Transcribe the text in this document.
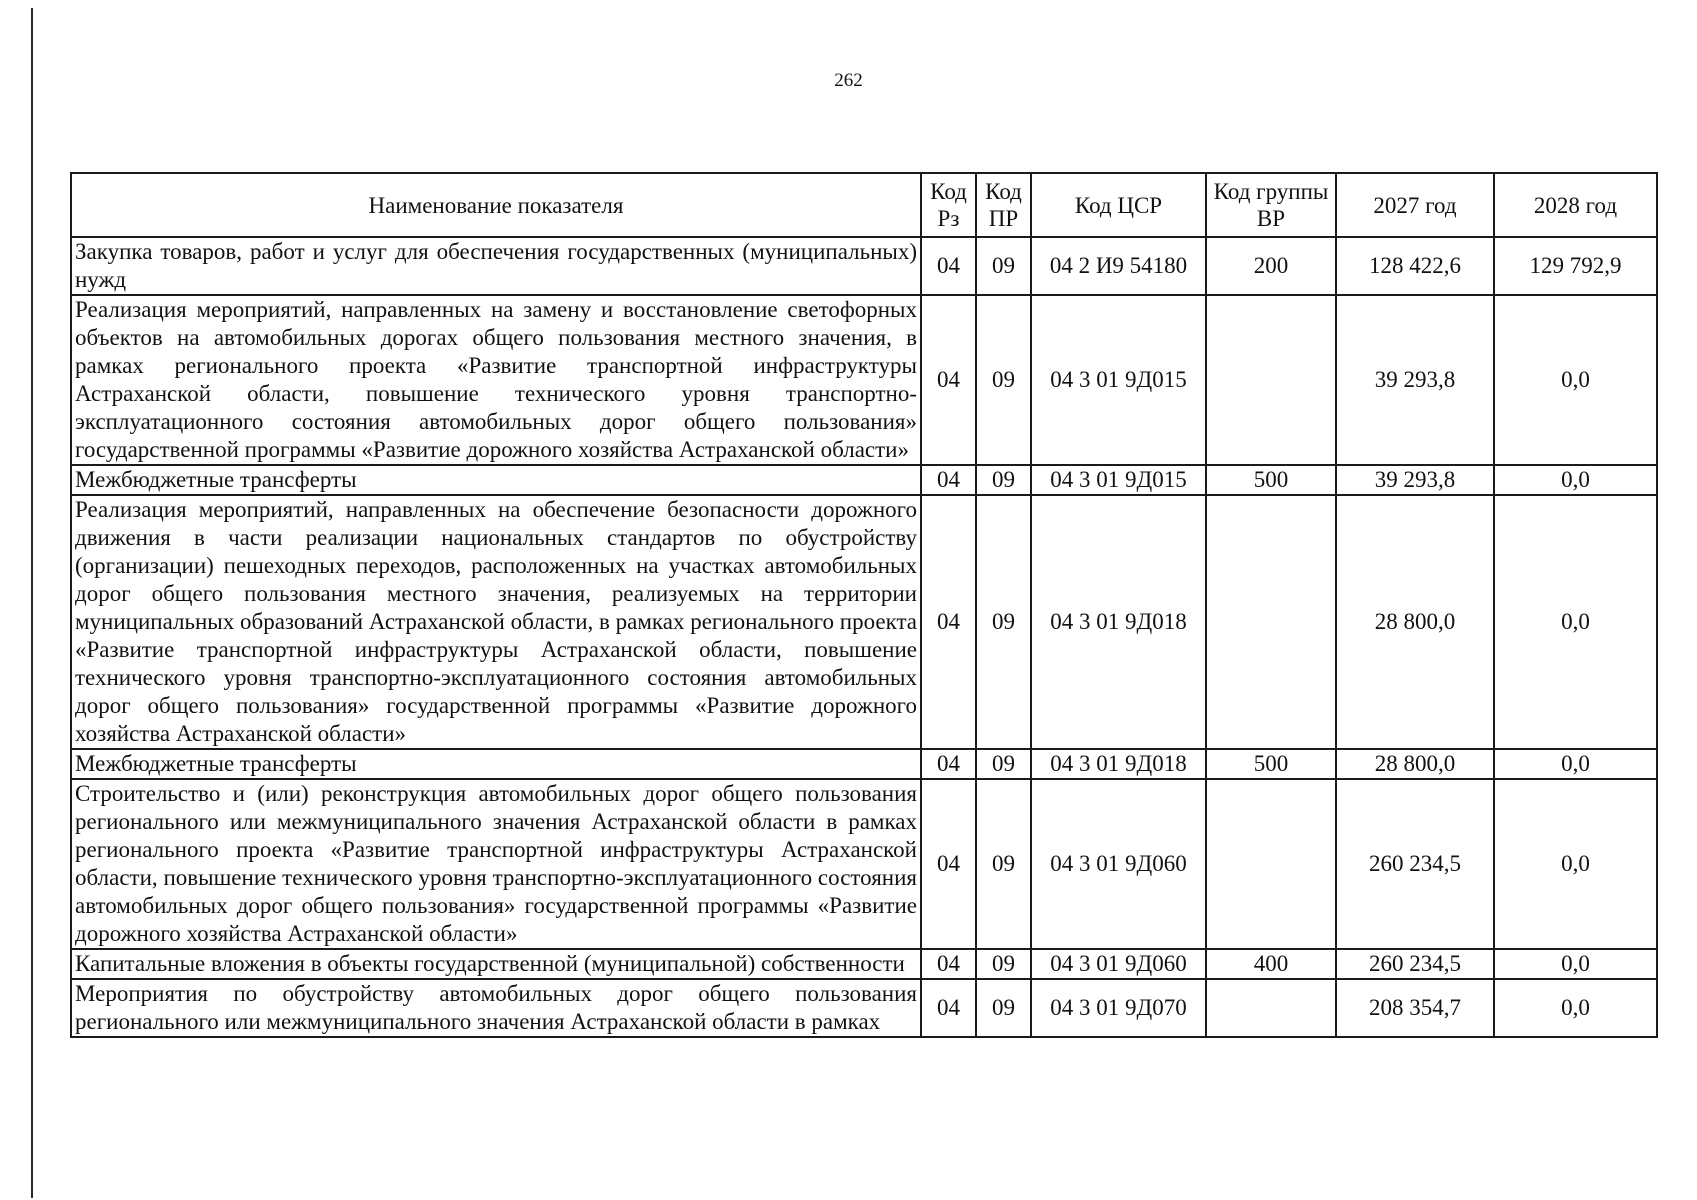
262
Наименование показателя	Код Рз	Код ПР	Код ЦСР	Код группы ВР	2027 год	2028 год
Закупка товаров, работ и услуг для обеспечения государственных (муниципальных) нужд	04	09	04 2 И9 54180	200	128 422,6	129 792,9
Реализация мероприятий, направленных на замену и восстановление светофорных объектов на автомобильных дорогах общего пользования местного значения, в рамках регионального проекта «Развитие транспортной инфраструктуры Астраханской области, повышение технического уровня транспортно-эксплуатационного состояния автомобильных дорог общего пользования» государственной программы «Развитие дорожного хозяйства Астраханской области»	04	09	04 3 01 9Д015		39 293,8	0,0
Межбюджетные трансферты	04	09	04 3 01 9Д015	500	39 293,8	0,0
Реализация мероприятий, направленных на обеспечение безопасности дорожного движения в части реализации национальных стандартов по обустройству (организации) пешеходных переходов, расположенных на участках автомобильных дорог общего пользования местного значения, реализуемых на территории муниципальных образований Астраханской области, в рамках регионального проекта «Развитие транспортной инфраструктуры Астраханской области, повышение технического уровня транспортно-эксплуатационного состояния автомобильных дорог общего пользования» государственной программы «Развитие дорожного хозяйства Астраханской области»	04	09	04 3 01 9Д018		28 800,0	0,0
Межбюджетные трансферты	04	09	04 3 01 9Д018	500	28 800,0	0,0
Строительство и (или) реконструкция автомобильных дорог общего пользования регионального или межмуниципального значения Астраханской области в рамках регионального проекта «Развитие транспортной инфраструктуры Астраханской области, повышение технического уровня транспортно-эксплуатационного состояния автомобильных дорог общего пользования» государственной программы «Развитие дорожного хозяйства Астраханской области»	04	09	04 3 01 9Д060		260 234,5	0,0
Капитальные вложения в объекты государственной (муниципальной) собственности	04	09	04 3 01 9Д060	400	260 234,5	0,0
Мероприятия по обустройству автомобильных дорог общего пользования регионального или межмуниципального значения Астраханской области в рамках	04	09	04 3 01 9Д070		208 354,7	0,0
